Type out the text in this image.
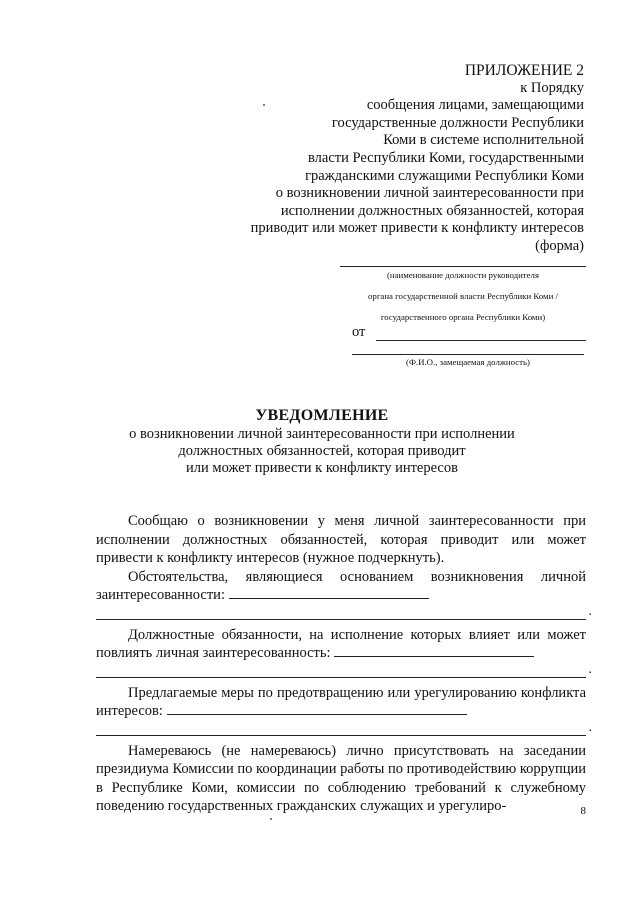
ПРИЛОЖЕНИЕ 2
к Порядку
сообщения лицами, замещающими
государственные должности Республики
Коми в системе исполнительной
власти Республики Коми, государственными
гражданскими служащими Республики Коми
о возникновении личной заинтересованности при
исполнении должностных обязанностей, которая
приводит или может привести к конфликту интересов
(форма)
(наименование должности руководителя
органа государственной власти Республики Коми /
государственного органа Республики Коми)
от
(Ф.И.О., замещаемая должность)
УВЕДОМЛЕНИЕ
о возникновении личной заинтересованности при исполнении
должностных обязанностей, которая приводит
или может привести к конфликту интересов

Сообщаю о возникновении у меня личной заинтересованности при исполнении должностных обязанностей, которая приводит или может привести к конфликту интересов (нужное подчеркнуть).

Обстоятельства, являющиеся основанием возникновения личной заинтересованности:

.

Должностные обязанности, на исполнение которых влияет или может повлиять личная заинтересованность:

.

Предлагаемые меры по предотвращению или урегулированию конфликта интересов:

.

Намереваюсь (не намереваюсь) лично присутствовать на заседании президиума Комиссии по координации работы по противодействию коррупции в Республике Коми, комиссии по соблюдению требований к служебному поведению государственных гражданских служащих и урегулиро-	8
